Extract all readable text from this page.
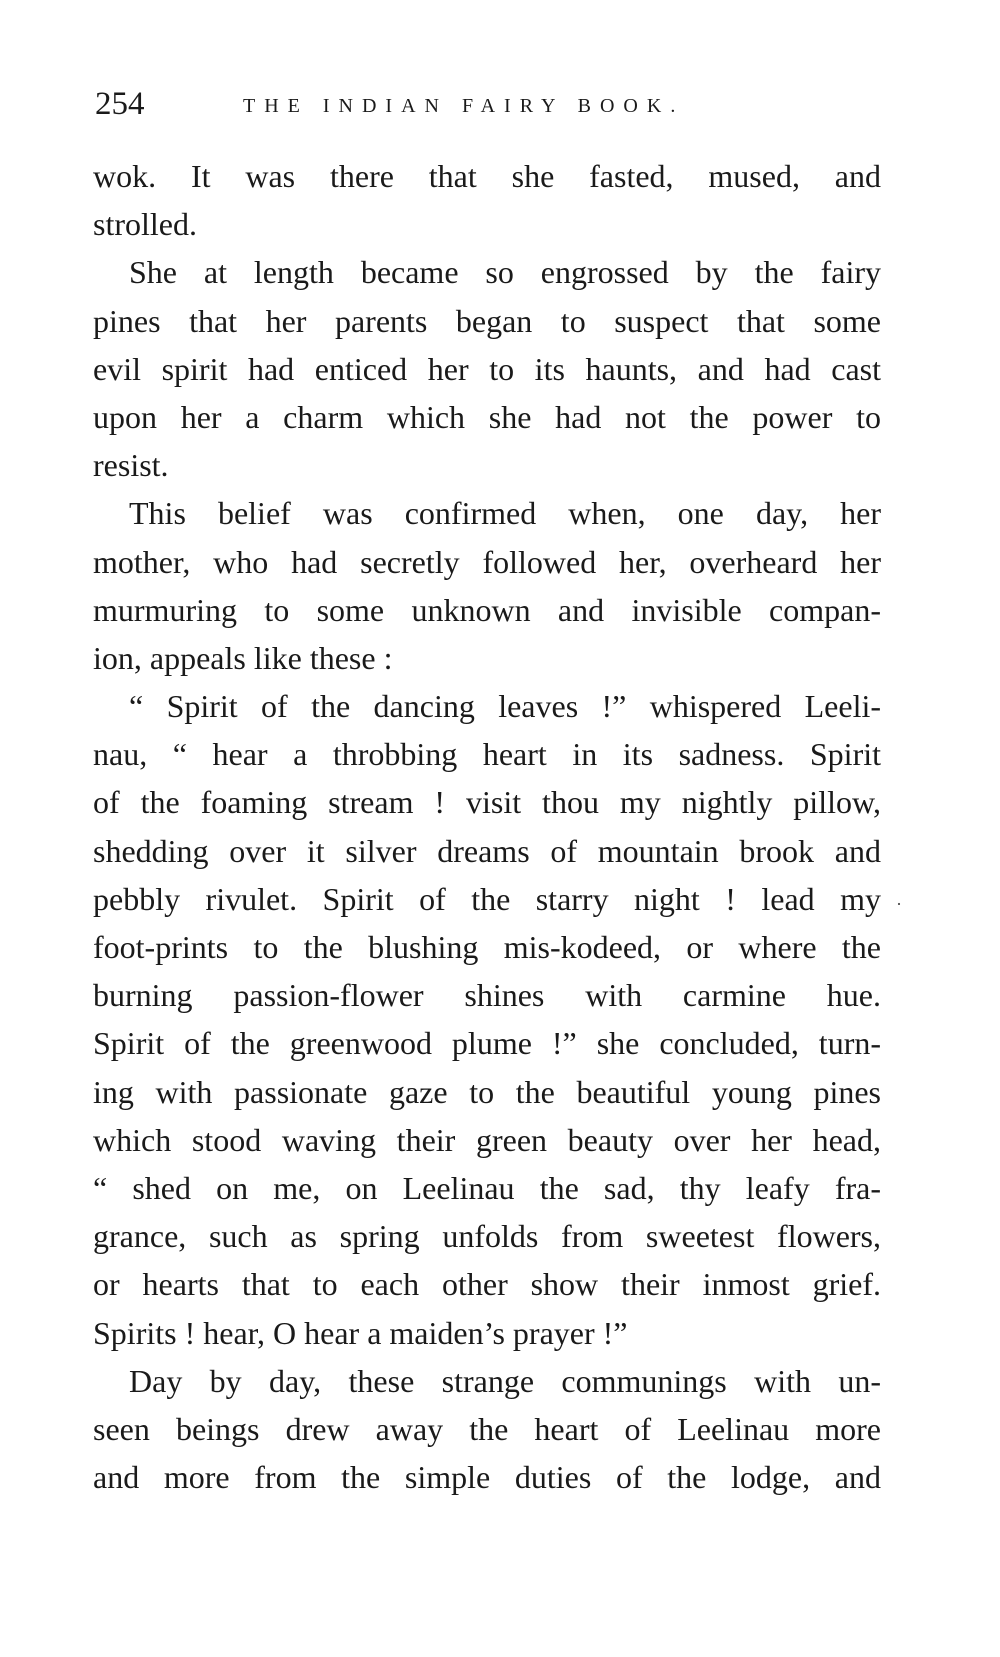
254	THE INDIAN FAIRY BOOK.
wok. It was there that she fasted, mused, and
strolled.
She at length became so engrossed by the fairy
pines that her parents began to suspect that some
evil spirit had enticed her to its haunts, and had cast
upon her a charm which she had not the power to
resist.
This belief was confirmed when, one day, her
mother, who had secretly followed her, overheard her
murmuring to some unknown and invisible compan-
ion, appeals like these :
“ Spirit of the dancing leaves !” whispered Leeli-
nau, “ hear a throbbing heart in its sadness. Spirit
of the foaming stream ! visit thou my nightly pillow,
shedding over it silver dreams of mountain brook and
pebbly rivulet. Spirit of the starry night ! lead my
foot-prints to the blushing mis-kodeed, or where the
burning passion-flower shines with carmine hue.
Spirit of the greenwood plume !” she concluded, turn-
ing with passionate gaze to the beautiful young pines
which stood waving their green beauty over her head,
“ shed on me, on Leelinau the sad, thy leafy fra-
grance, such as spring unfolds from sweetest flowers,
or hearts that to each other show their inmost grief.
Spirits ! hear, O hear a maiden’s prayer !”
Day by day, these strange communings with un-
seen beings drew away the heart of Leelinau more
and more from the simple duties of the lodge, and
·
